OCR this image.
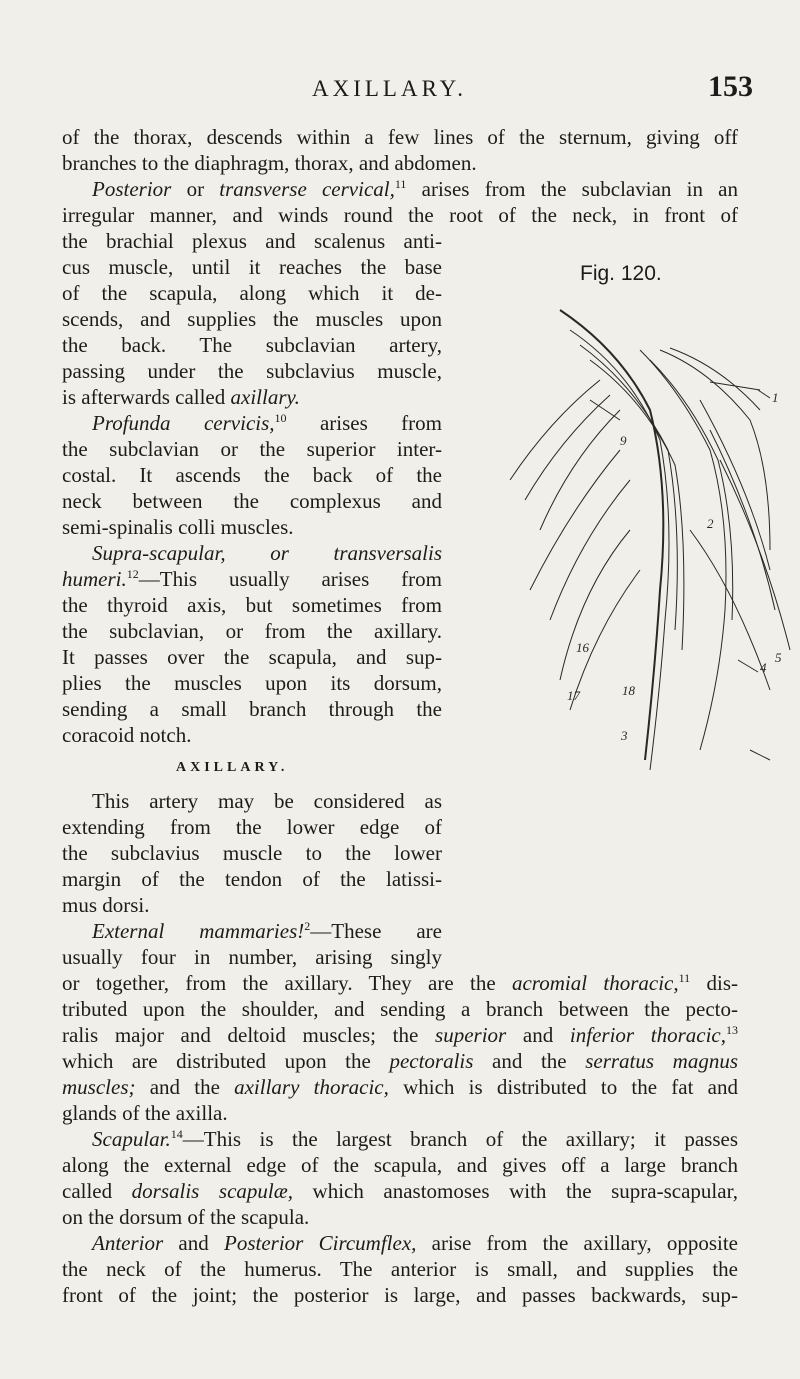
AXILLARY.	153
of the thorax, descends within a few lines of the sternum, giving off
branches to the diaphragm, thorax, and abdomen.
Posterior or transverse cervical,$^{11}$ arises from the subclavian in an
irregular manner, and winds round the root of the neck, in front of
the brachial plexus and scalenus anti-
cus muscle, until it reaches the base
of the scapula, along which it de-
scends, and supplies the muscles upon
the back. The subclavian artery,
passing under the subclavius muscle,
is afterwards called axillary.
Profunda cervicis,$^{10}$ arises from
the subclavian or the superior inter-
costal. It ascends the back of the
neck between the complexus and
semi-spinalis colli muscles.
Supra-scapular, or transversalis
humeri.$^{12}$—This usually arises from
the thyroid axis, but sometimes from
the subclavian, or from the axillary.
It passes over the scapula, and sup-
plies the muscles upon its dorsum,
sending a small branch through the
coracoid notch.
AXILLARY.
This artery may be considered as
extending from the lower edge of
the subclavius muscle to the lower
margin of the tendon of the latissi-
mus dorsi.
External mammaries!$^2$—These are
usually four in number, arising singly
or together, from the axillary. They are the acromial thoracic,$^{11}$ dis-
tributed upon the shoulder, and sending a branch between the pecto-
ralis major and deltoid muscles; the superior and inferior thoracic,$^{13}$
which are distributed upon the pectoralis and the serratus magnus
muscles; and the axillary thoracic, which is distributed to the fat and
glands of the axilla.
Scapular.$^{14}$—This is the largest branch of the axillary; it passes
along the external edge of the scapula, and gives off a large branch
called dorsalis scapulæ, which anastomoses with the supra-scapular,
on the dorsum of the scapula.
Anterior and Posterior Circumflex, arise from the axillary, opposite
the neck of the humerus. The anterior is small, and supplies the
front of the joint; the posterior is large, and passes backwards, sup-
Fig. 120.
9
1
2
4
16
17	18
3
5
